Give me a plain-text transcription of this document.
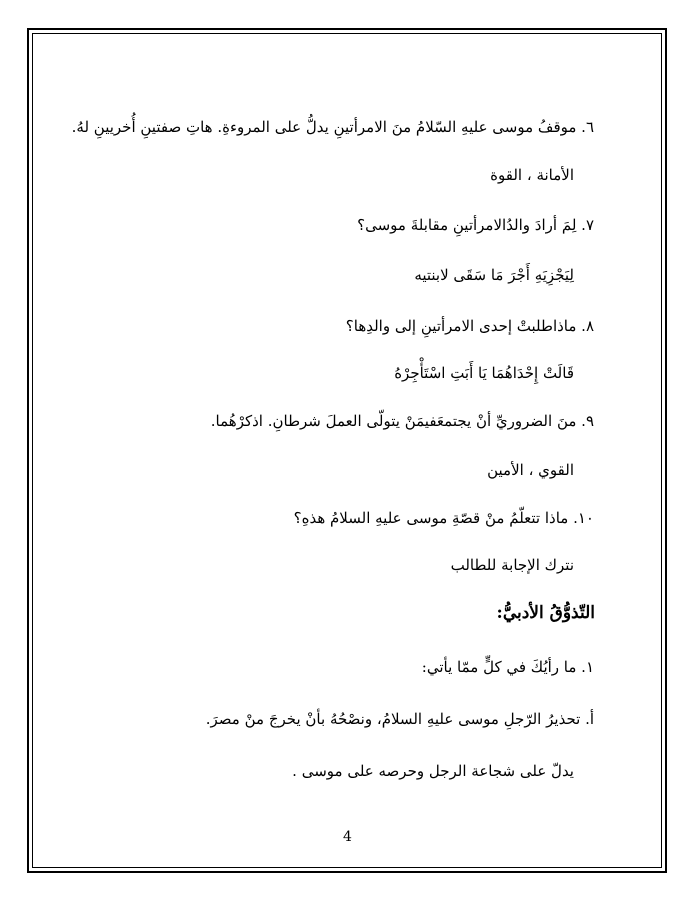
٦. موقفُ موسى عليهِ السّلامُ منَ الامرأتينِ يدلُّ على المروءةِ. هاتِ صفتينِ أُخريينِ لهُ.
الأمانة ، القوة
٧. لِمَ أرادَ والدُالامرأتينِ مقابلةَ موسى؟
لِيَجْزِيَهِ أَجْرَ مَا سَقَى لابنتيه
٨. ماذاطلبتْ إحدى الامرأتينِ إلى والدِها؟
قَالَتْ إِحْدَاهُمَا يَا أَبَتِ اسْتَأْجِرْهُ
٩. منَ الضروريِّ أنْ يجتمعَفيمَنْ يتولّى العملَ شرطانِ. اذكرْهُما.
القوي ، الأمين
١٠. ماذا تتعلّمُ منْ قصّةِ موسى عليهِ السلامُ هذهِ؟
نترك الإجابة للطالب
التّذوُّقُ الأدبيُّ:
١. ما رأيُكَ في كلٍّ ممّا يأتي:
أ. تحذيرُ الرّجلِ موسى عليهِ السلامُ، ونصْحُهُ بأنْ يخرجَ منْ مصرَ.
يدلّ على شجاعة الرجل وحرصه على موسى .
4
